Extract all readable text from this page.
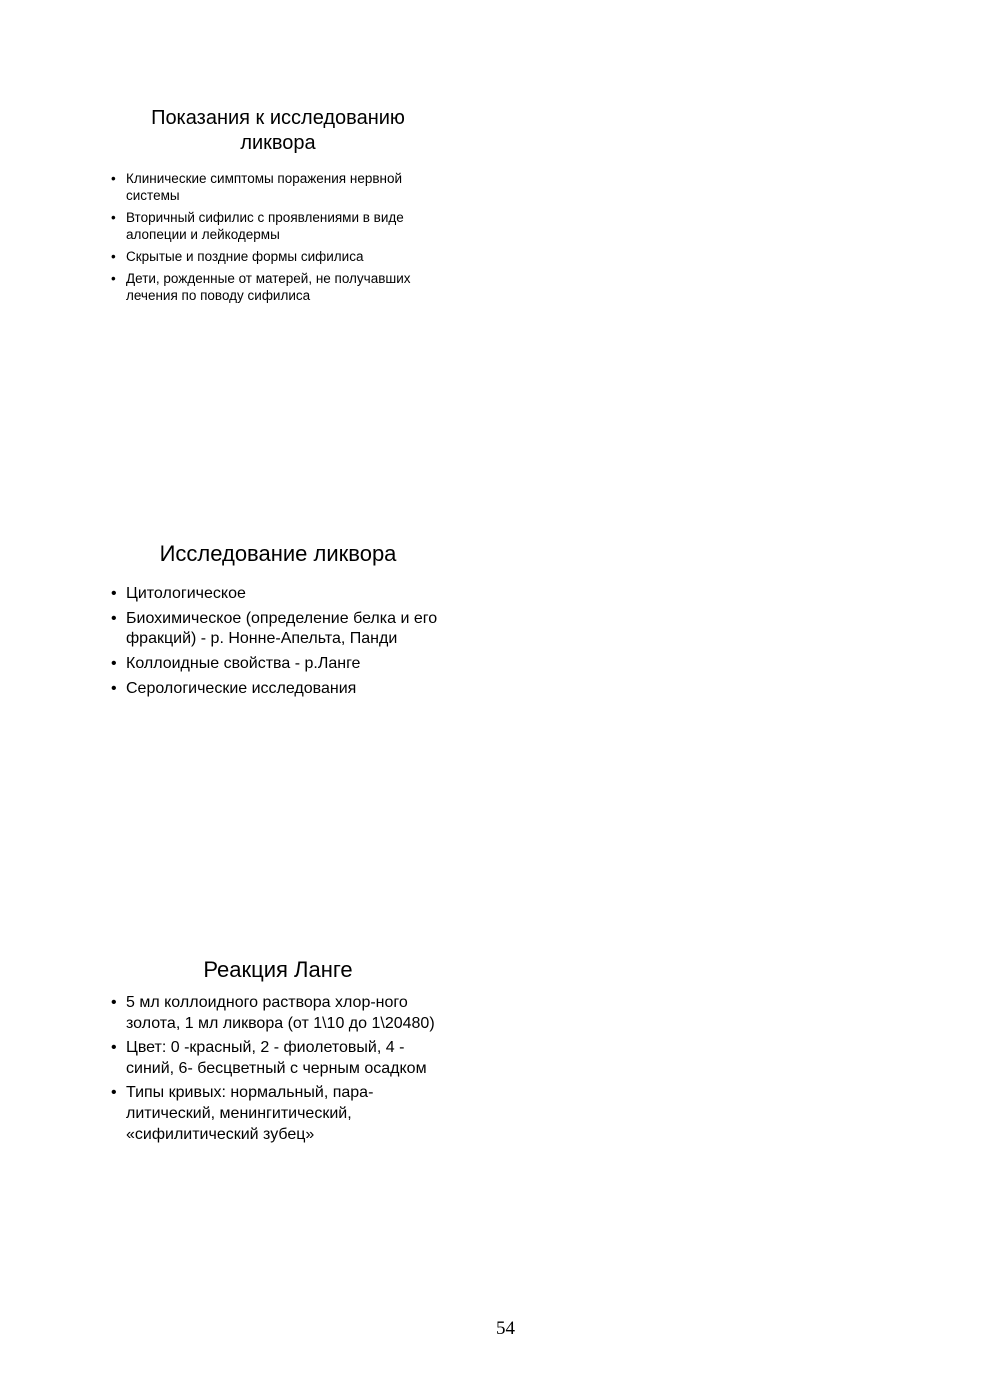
Показания к исследованию ликвора
• Клинические симптомы поражения нервной системы
• Вторичный сифилис с проявлениями в виде алопеции и лейкодермы
• Скрытые и поздние формы сифилиса
• Дети, рожденные от матерей, не получавших лечения по поводу сифилиса
Исследование ликвора
• Цитологическое
• Биохимическое (определение белка и его фракций) - р. Нонне-Апельта, Панди
• Коллоидные свойства - р.Ланге
• Серологические исследования
Реакция Ланге
• 5 мл коллоидного раствора хлор-ного золота, 1 мл ликвора (от 1\10 до 1\20480)
• Цвет: 0 -красный, 2 - фиолетовый, 4 - синий, 6- бесцветный с черным осадком
• Типы кривых: нормальный, пара-литический, менингитический, «сифилитический зубец»
54
